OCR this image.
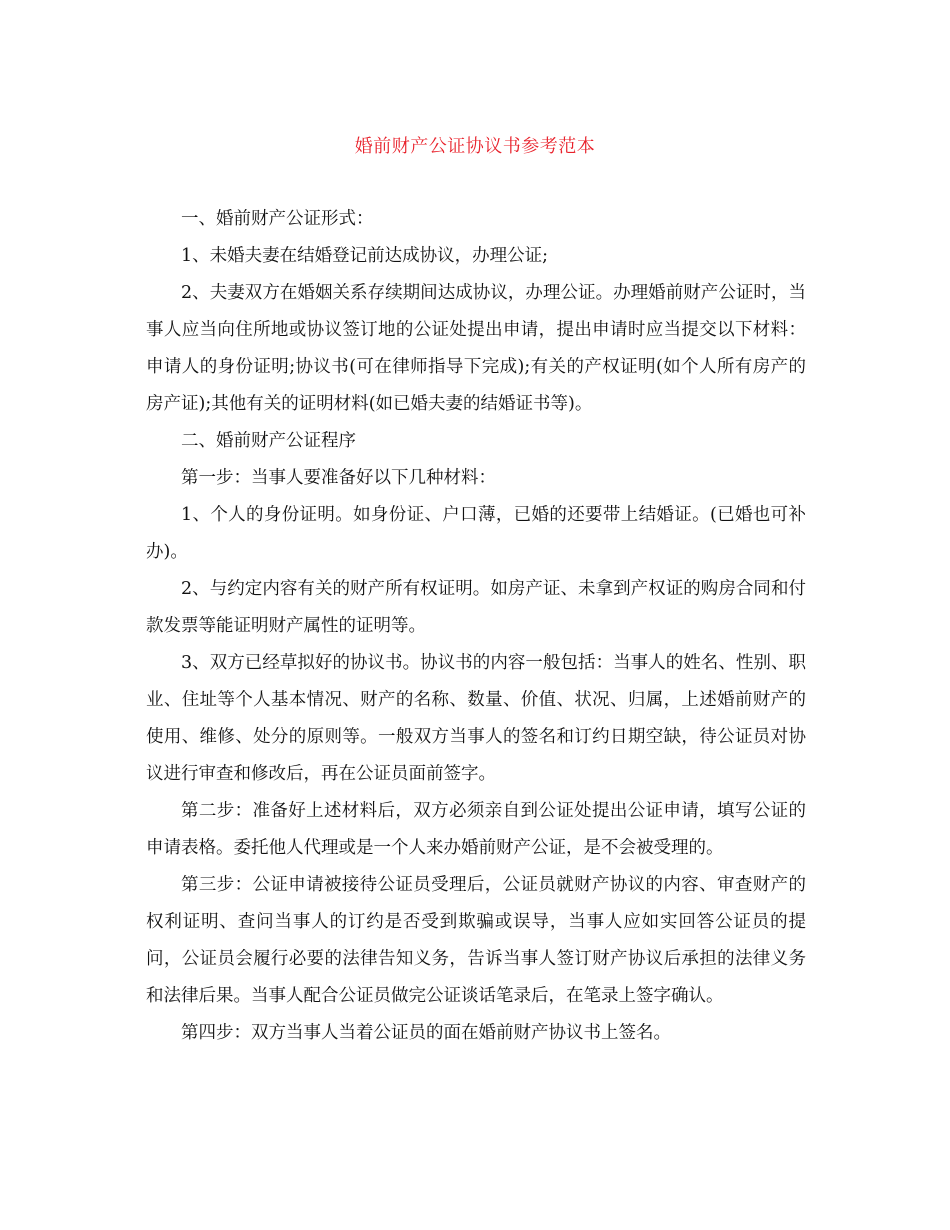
婚前财产公证协议书参考范本

一、婚前财产公证形式：

1、未婚夫妻在结婚登记前达成协议，办理公证;

2、夫妻双方在婚姻关系存续期间达成协议，办理公证。办理婚前财产公证时，当事人应当向住所地或协议签订地的公证处提出申请，提出申请时应当提交以下材料：申请人的身份证明;协议书(可在律师指导下完成);有关的产权证明(如个人所有房产的房产证);其他有关的证明材料(如已婚夫妻的结婚证书等)。

二、婚前财产公证程序

第一步：当事人要准备好以下几种材料：

1、个人的身份证明。如身份证、户口薄，已婚的还要带上结婚证。(已婚也可补办)。

2、与约定内容有关的财产所有权证明。如房产证、未拿到产权证的购房合同和付款发票等能证明财产属性的证明等。

3、双方已经草拟好的协议书。协议书的内容一般包括：当事人的姓名、性别、职业、住址等个人基本情况、财产的名称、数量、价值、状况、归属，上述婚前财产的使用、维修、处分的原则等。一般双方当事人的签名和订约日期空缺，待公证员对协议进行审查和修改后，再在公证员面前签字。

第二步：准备好上述材料后，双方必须亲自到公证处提出公证申请，填写公证的申请表格。委托他人代理或是一个人来办婚前财产公证，是不会被受理的。

第三步：公证申请被接待公证员受理后，公证员就财产协议的内容、审查财产的权利证明、查问当事人的订约是否受到欺骗或误导，当事人应如实回答公证员的提问，公证员会履行必要的法律告知义务，告诉当事人签订财产协议后承担的法律义务和法律后果。当事人配合公证员做完公证谈话笔录后，在笔录上签字确认。

第四步：双方当事人当着公证员的面在婚前财产协议书上签名。
